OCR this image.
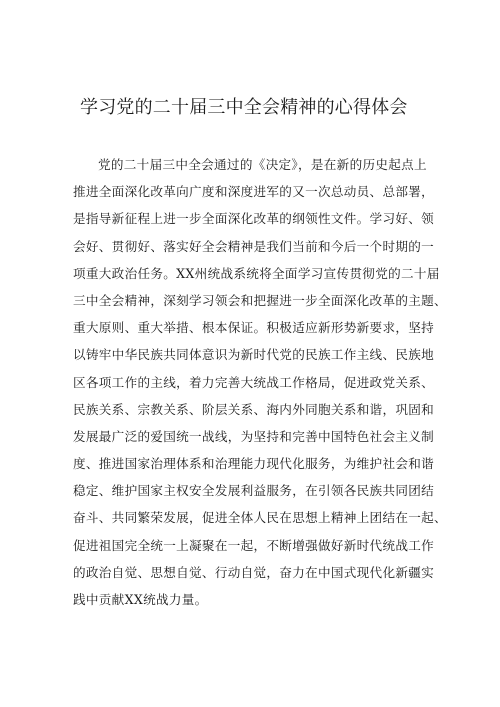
学习党的二十届三中全会精神的心得体会
党的二十届三中全会通过的《决定》，是在新的历史起点上
推进全面深化改革向广度和深度进军的又一次总动员、总部署，
是指导新征程上进一步全面深化改革的纲领性文件。学习好、领
会好、贯彻好、落实好全会精神是我们当前和今后一个时期的一
项重大政治任务。XX州统战系统将全面学习宣传贯彻党的二十届
三中全会精神，深刻学习领会和把握进一步全面深化改革的主题、
重大原则、重大举措、根本保证。积极适应新形势新要求，坚持
以铸牢中华民族共同体意识为新时代党的民族工作主线、民族地
区各项工作的主线，着力完善大统战工作格局，促进政党关系、
民族关系、宗教关系、阶层关系、海内外同胞关系和谐，巩固和
发展最广泛的爱国统一战线，为坚持和完善中国特色社会主义制
度、推进国家治理体系和治理能力现代化服务，为维护社会和谐
稳定、维护国家主权安全发展利益服务，在引领各民族共同团结
奋斗、共同繁荣发展，促进全体人民在思想上精神上团结在一起、
促进祖国完全统一上凝聚在一起，不断增强做好新时代统战工作
的政治自觉、思想自觉、行动自觉，奋力在中国式现代化新疆实
践中贡献XX统战力量。
